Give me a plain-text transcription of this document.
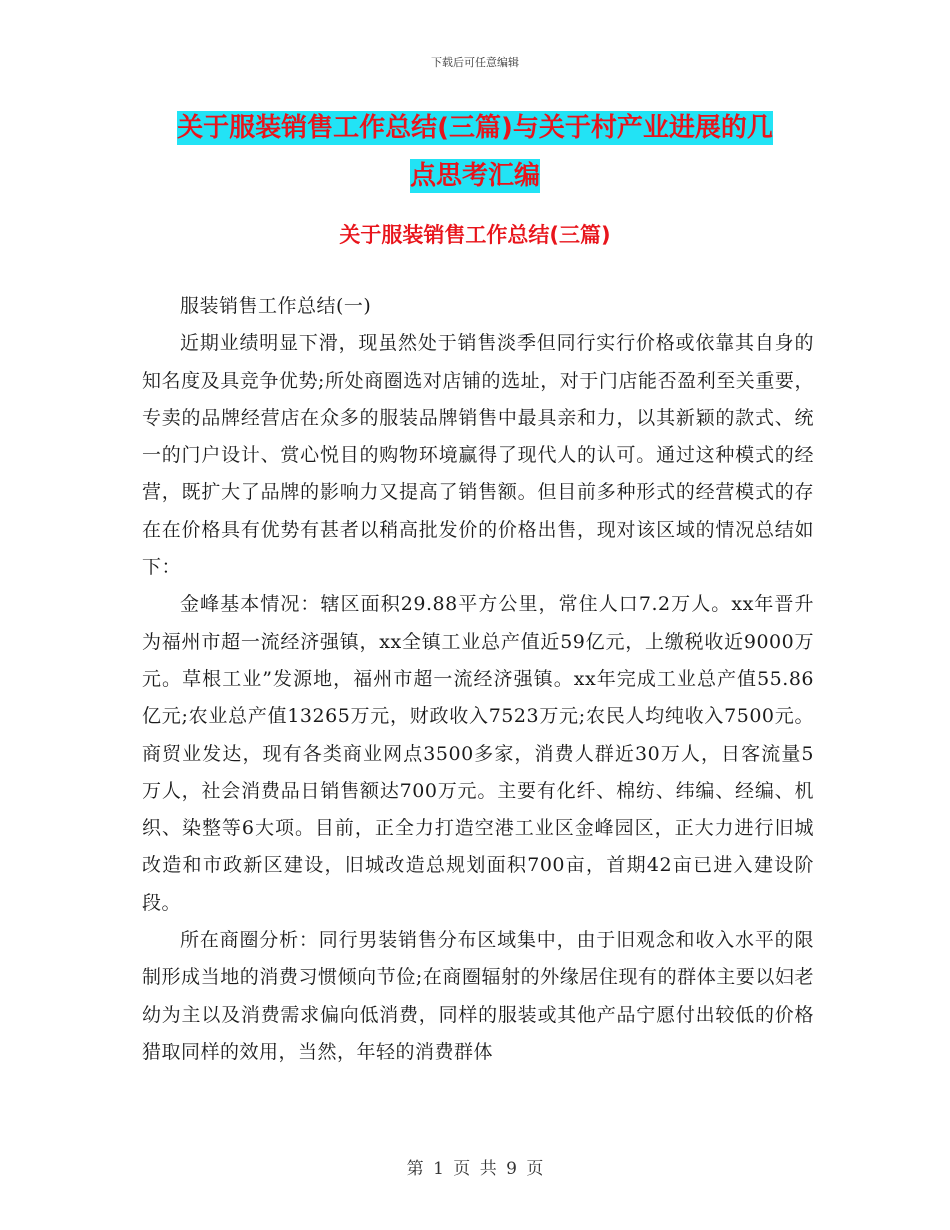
下载后可任意编辑
关于服装销售工作总结(三篇)与关于村产业进展的几
点思考汇编
关于服装销售工作总结(三篇)

服装销售工作总结(一)

近期业绩明显下滑，现虽然处于销售淡季但同行实行价格或依靠其自身的知名度及具竞争优势;所处商圈选对店铺的选址，对于门店能否盈利至关重要，专卖的品牌经营店在众多的服装品牌销售中最具亲和力，以其新颖的款式、统一的门户设计、赏心悦目的购物环境赢得了现代人的认可。通过这种模式的经营，既扩大了品牌的影响力又提高了销售额。但目前多种形式的经营模式的存在在价格具有优势有甚者以稍高批发价的价格出售，现对该区域的情况总结如下：

金峰基本情况：辖区面积29.88平方公里，常住人口7.2万人。xx年晋升为福州市超一流经济强镇，xx全镇工业总产值近59亿元，上缴税收近9000万元。草根工业”发源地，福州市超一流经济强镇。xx年完成工业总产值55.86亿元;农业总产值13265万元，财政收入7523万元;农民人均纯收入7500元。商贸业发达，现有各类商业网点3500多家，消费人群近30万人，日客流量5万人，社会消费品日销售额达700万元。主要有化纤、棉纺、纬编、经编、机织、染整等6大项。目前，正全力打造空港工业区金峰园区，正大力进行旧城改造和市政新区建设，旧城改造总规划面积700亩，首期42亩已进入建设阶段。

所在商圈分析：同行男装销售分布区域集中，由于旧观念和收入水平的限制形成当地的消费习惯倾向节俭;在商圈辐射的外缘居住现有的群体主要以妇老幼为主以及消费需求偏向低消费，同样的服装或其他产品宁愿付出较低的价格猎取同样的效用，当然，年轻的消费群体

第 1 页 共 9 页
